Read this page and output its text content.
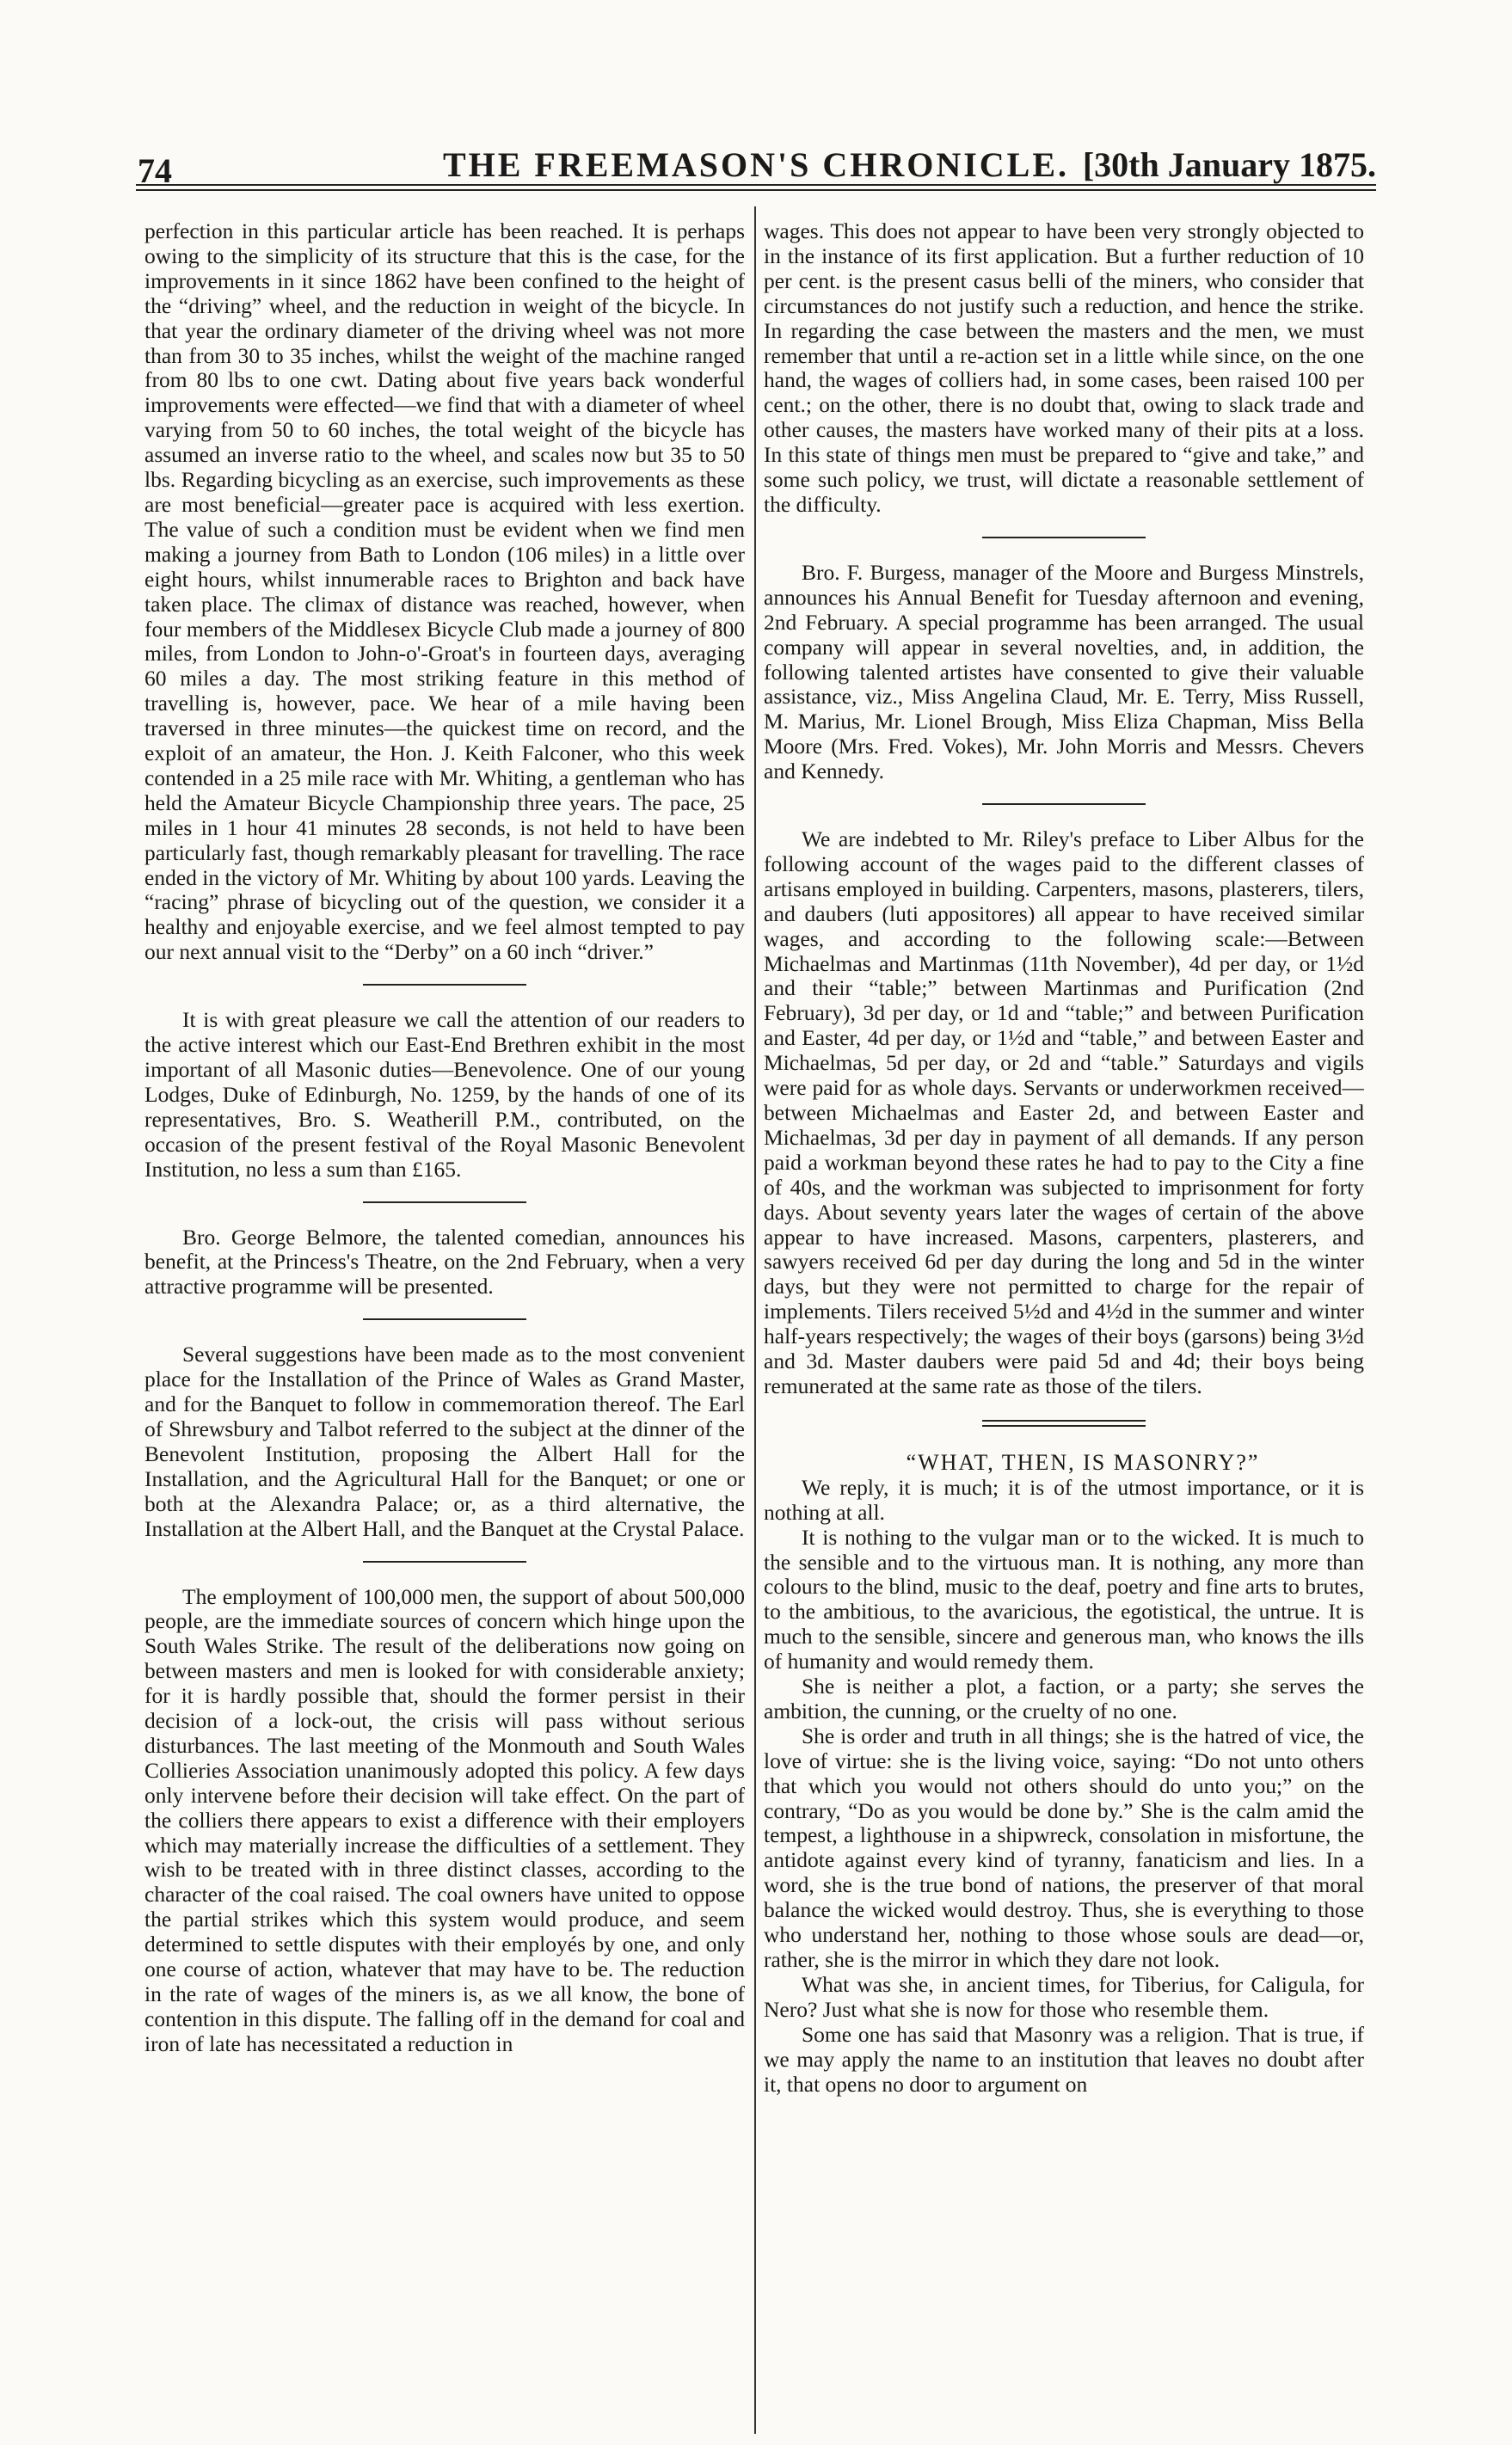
74	THE FREEMASON'S CHRONICLE. [30th January 1875.

perfection in this particular article has been reached. It is perhaps owing to the simplicity of its structure that this is the case, for the improvements in it since 1862 have been confined to the height of the “driving” wheel, and the reduction in weight of the bicycle. In that year the ordinary diameter of the driving wheel was not more than from 30 to 35 inches, whilst the weight of the machine ranged from 80 lbs to one cwt. Dating about five years back wonderful improvements were effected—we find that with a diameter of wheel varying from 50 to 60 inches, the total weight of the bicycle has assumed an inverse ratio to the wheel, and scales now but 35 to 50 lbs. Regarding bicycling as an exercise, such improvements as these are most beneficial—greater pace is acquired with less exertion. The value of such a condition must be evident when we find men making a journey from Bath to London (106 miles) in a little over eight hours, whilst innumerable races to Brighton and back have taken place. The climax of distance was reached, however, when four members of the Middlesex Bicycle Club made a journey of 800 miles, from London to John-o'-Groat's in fourteen days, averaging 60 miles a day. The most striking feature in this method of travelling is, however, pace. We hear of a mile having been traversed in three minutes—the quickest time on record, and the exploit of an amateur, the Hon. J. Keith Falconer, who this week contended in a 25 mile race with Mr. Whiting, a gentleman who has held the Amateur Bicycle Championship three years. The pace, 25 miles in 1 hour 41 minutes 28 seconds, is not held to have been particularly fast, though remarkably pleasant for travelling. The race ended in the victory of Mr. Whiting by about 100 yards. Leaving the “racing” phrase of bicycling out of the question, we consider it a healthy and enjoyable exercise, and we feel almost tempted to pay our next annual visit to the “Derby” on a 60 inch “driver.”

It is with great pleasure we call the attention of our readers to the active interest which our East-End Brethren exhibit in the most important of all Masonic duties—Benevolence. One of our young Lodges, Duke of Edinburgh, No. 1259, by the hands of one of its representatives, Bro. S. Weatherill P.M., contributed, on the occasion of the present festival of the Royal Masonic Benevolent Institution, no less a sum than £165.

Bro. George Belmore, the talented comedian, announces his benefit, at the Princess's Theatre, on the 2nd February, when a very attractive programme will be presented.

Several suggestions have been made as to the most convenient place for the Installation of the Prince of Wales as Grand Master, and for the Banquet to follow in commemoration thereof. The Earl of Shrewsbury and Talbot referred to the subject at the dinner of the Benevolent Institution, proposing the Albert Hall for the Installation, and the Agricultural Hall for the Banquet; or one or both at the Alexandra Palace; or, as a third alternative, the Installation at the Albert Hall, and the Banquet at the Crystal Palace.

The employment of 100,000 men, the support of about 500,000 people, are the immediate sources of concern which hinge upon the South Wales Strike. The result of the deliberations now going on between masters and men is looked for with considerable anxiety; for it is hardly possible that, should the former persist in their decision of a lock-out, the crisis will pass without serious disturbances. The last meeting of the Monmouth and South Wales Collieries Association unanimously adopted this policy. A few days only intervene before their decision will take effect. On the part of the colliers there appears to exist a difference with their employers which may materially increase the difficulties of a settlement. They wish to be treated with in three distinct classes, according to the character of the coal raised. The coal owners have united to oppose the partial strikes which this system would produce, and seem determined to settle disputes with their employés by one, and only one course of action, whatever that may have to be. The reduction in the rate of wages of the miners is, as we all know, the bone of contention in this dispute. The falling off in the demand for coal and iron of late has necessitated a reduction in

wages. This does not appear to have been very strongly objected to in the instance of its first application. But a further reduction of 10 per cent. is the present casus belli of the miners, who consider that circumstances do not justify such a reduction, and hence the strike. In regarding the case between the masters and the men, we must remember that until a re-action set in a little while since, on the one hand, the wages of colliers had, in some cases, been raised 100 per cent.; on the other, there is no doubt that, owing to slack trade and other causes, the masters have worked many of their pits at a loss. In this state of things men must be prepared to “give and take,” and some such policy, we trust, will dictate a reasonable settlement of the difficulty.

Bro. F. Burgess, manager of the Moore and Burgess Minstrels, announces his Annual Benefit for Tuesday afternoon and evening, 2nd February. A special programme has been arranged. The usual company will appear in several novelties, and, in addition, the following talented artistes have consented to give their valuable assistance, viz., Miss Angelina Claud, Mr. E. Terry, Miss Russell, M. Marius, Mr. Lionel Brough, Miss Eliza Chapman, Miss Bella Moore (Mrs. Fred. Vokes), Mr. John Morris and Messrs. Chevers and Kennedy.

We are indebted to Mr. Riley's preface to Liber Albus for the following account of the wages paid to the different classes of artisans employed in building. Carpenters, masons, plasterers, tilers, and daubers (luti appositores) all appear to have received similar wages, and according to the following scale:—Between Michaelmas and Martinmas (11th November), 4d per day, or 1½d and their “table;” between Martinmas and Purification (2nd February), 3d per day, or 1d and “table;” and between Purification and Easter, 4d per day, or 1½d and “table,” and between Easter and Michaelmas, 5d per day, or 2d and “table.” Saturdays and vigils were paid for as whole days. Servants or underworkmen received—between Michaelmas and Easter 2d, and between Easter and Michaelmas, 3d per day in payment of all demands. If any person paid a workman beyond these rates he had to pay to the City a fine of 40s, and the workman was subjected to imprisonment for forty days. About seventy years later the wages of certain of the above appear to have increased. Masons, carpenters, plasterers, and sawyers received 6d per day during the long and 5d in the winter days, but they were not permitted to charge for the repair of implements. Tilers received 5½d and 4½d in the summer and winter half-years respectively; the wages of their boys (garsons) being 3½d and 3d. Master daubers were paid 5d and 4d; their boys being remunerated at the same rate as those of the tilers.

“WHAT, THEN, IS MASONRY?”

We reply, it is much; it is of the utmost importance, or it is nothing at all.

It is nothing to the vulgar man or to the wicked. It is much to the sensible and to the virtuous man. It is nothing, any more than colours to the blind, music to the deaf, poetry and fine arts to brutes, to the ambitious, to the avaricious, the egotistical, the untrue. It is much to the sensible, sincere and generous man, who knows the ills of humanity and would remedy them.

She is neither a plot, a faction, or a party; she serves the ambition, the cunning, or the cruelty of no one.

She is order and truth in all things; she is the hatred of vice, the love of virtue: she is the living voice, saying: “Do not unto others that which you would not others should do unto you;” on the contrary, “Do as you would be done by.” She is the calm amid the tempest, a lighthouse in a shipwreck, consolation in misfortune, the antidote against every kind of tyranny, fanaticism and lies. In a word, she is the true bond of nations, the preserver of that moral balance the wicked would destroy. Thus, she is everything to those who understand her, nothing to those whose souls are dead—or, rather, she is the mirror in which they dare not look.

What was she, in ancient times, for Tiberius, for Caligula, for Nero? Just what she is now for those who resemble them.

Some one has said that Masonry was a religion. That is true, if we may apply the name to an institution that leaves no doubt after it, that opens no door to argument on
